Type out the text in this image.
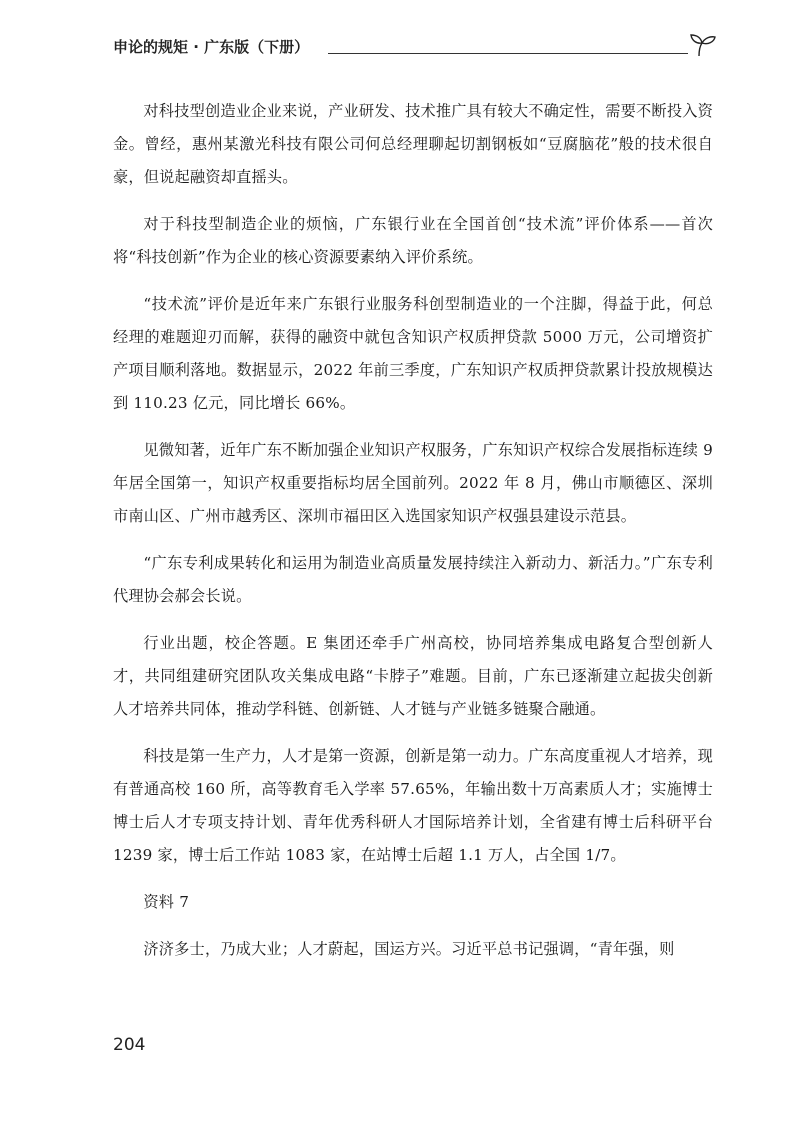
申论的规矩 · 广东版（下册）

对科技型创造业企业来说，产业研发、技术推广具有较大不确定性，需要不断投入资金。曾经，惠州某激光科技有限公司何总经理聊起切割钢板如“豆腐脑花”般的技术很自豪，但说起融资却直摇头。

对于科技型制造企业的烦恼，广东银行业在全国首创“技术流”评价体系——首次将“科技创新”作为企业的核心资源要素纳入评价系统。

“技术流”评价是近年来广东银行业服务科创型制造业的一个注脚，得益于此，何总经理的难题迎刃而解，获得的融资中就包含知识产权质押贷款 5000 万元，公司增资扩产项目顺利落地。数据显示，2022 年前三季度，广东知识产权质押贷款累计投放规模达到 110.23 亿元，同比增长 66%。

见微知著，近年广东不断加强企业知识产权服务，广东知识产权综合发展指标连续 9 年居全国第一，知识产权重要指标均居全国前列。2022 年 8 月，佛山市顺德区、深圳市南山区、广州市越秀区、深圳市福田区入选国家知识产权强县建设示范县。

“广东专利成果转化和运用为制造业高质量发展持续注入新动力、新活力。”广东专利代理协会郝会长说。

行业出题，校企答题。E 集团还牵手广州高校，协同培养集成电路复合型创新人才，共同组建研究团队攻关集成电路“卡脖子”难题。目前，广东已逐渐建立起拔尖创新人才培养共同体，推动学科链、创新链、人才链与产业链多链聚合融通。

科技是第一生产力，人才是第一资源，创新是第一动力。广东高度重视人才培养，现有普通高校 160 所，高等教育毛入学率 57.65%，年输出数十万高素质人才；实施博士博士后人才专项支持计划、青年优秀科研人才国际培养计划，全省建有博士后科研平台 1239 家，博士后工作站 1083 家，在站博士后超 1.1 万人，占全国 1/7。

资料 7

济济多士，乃成大业；人才蔚起，国运方兴。习近平总书记强调，“青年强，则

204
